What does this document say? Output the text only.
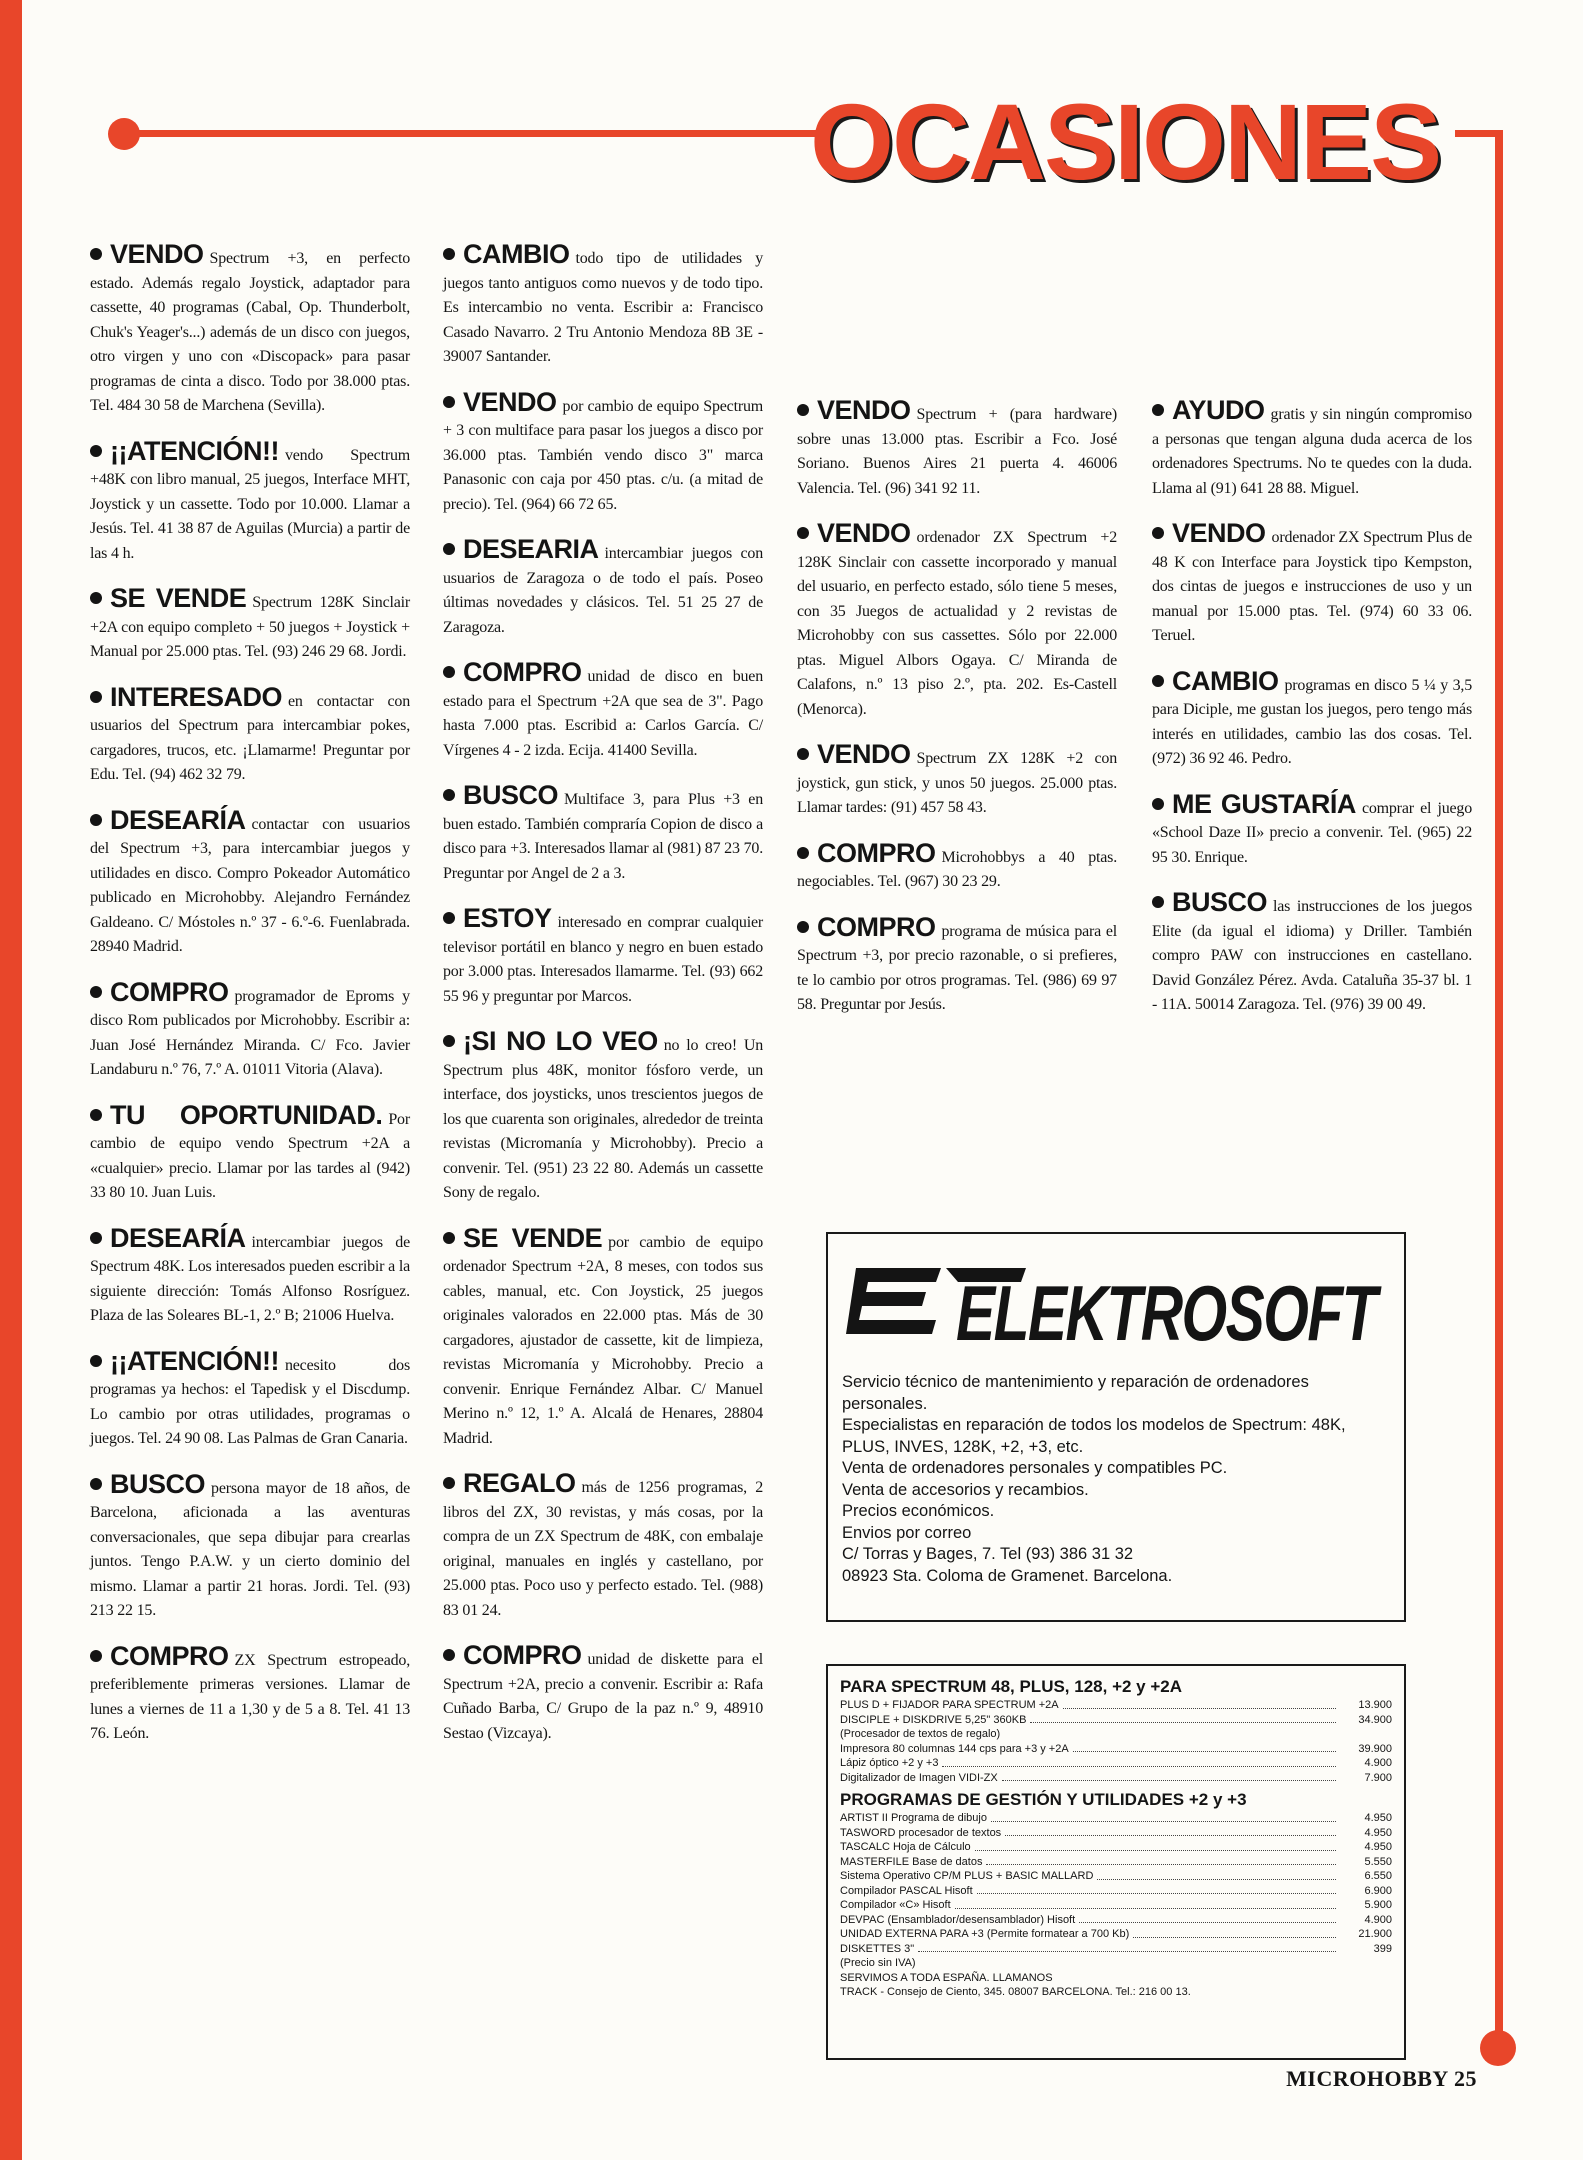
OCASIONES

VENDO Spectrum +3, en perfecto estado. Además regalo Joystick, adaptador para cassette, 40 programas (Cabal, Op. Thunderbolt, Chuk's Yeager's...) además de un disco con juegos, otro virgen y uno con «Discopack» para pasar programas de cinta a disco. Todo por 38.000 ptas. Tel. 484 30 58 de Marchena (Sevilla).

¡¡ATENCIÓN!! vendo Spectrum +48K con libro manual, 25 juegos, Interface MHT, Joystick y un cassette. Todo por 10.000. Llamar a Jesús. Tel. 41 38 87 de Aguilas (Murcia) a partir de las 4 h.

SE VENDE Spectrum 128K Sinclair +2A con equipo completo + 50 juegos + Joystick + Manual por 25.000 ptas. Tel. (93) 246 29 68. Jordi.

INTERESADO en contactar con usuarios del Spectrum para intercambiar pokes, cargadores, trucos, etc. ¡Llamarme! Preguntar por Edu. Tel. (94) 462 32 79.

DESEARÍA contactar con usuarios del Spectrum +3, para intercambiar juegos y utilidades en disco. Compro Pokeador Automático publicado en Microhobby. Alejandro Fernández Galdeano. C/ Móstoles n.º 37 - 6.º-6. Fuenlabrada. 28940 Madrid.

COMPRO programador de Eproms y disco Rom publicados por Microhobby. Escribir a: Juan José Hernández Miranda. C/ Fco. Javier Landaburu n.º 76, 7.º A. 01011 Vitoria (Alava).

TU OPORTUNIDAD. Por cambio de equipo vendo Spectrum +2A a «cualquier» precio. Llamar por las tardes al (942) 33 80 10. Juan Luis.

DESEARÍA intercambiar juegos de Spectrum 48K. Los interesados pueden escribir a la siguiente dirección: Tomás Alfonso Rosríguez. Plaza de las Soleares BL-1, 2.º B; 21006 Huelva.

¡¡ATENCIÓN!! necesito dos programas ya hechos: el Tapedisk y el Discdump. Lo cambio por otras utilidades, programas o juegos. Tel. 24 90 08. Las Palmas de Gran Canaria.

BUSCO persona mayor de 18 años, de Barcelona, aficionada a las aventuras conversacionales, que sepa dibujar para crearlas juntos. Tengo P.A.W. y un cierto dominio del mismo. Llamar a partir 21 horas. Jordi. Tel. (93) 213 22 15.

COMPRO ZX Spectrum estropeado, preferiblemente primeras versiones. Llamar de lunes a viernes de 11 a 1,30 y de 5 a 8. Tel. 41 13 76. León.

CAMBIO todo tipo de utilidades y juegos tanto antiguos como nuevos y de todo tipo. Es intercambio no venta. Escribir a: Francisco Casado Navarro. 2 Tru Antonio Mendoza 8B 3E - 39007 Santander.

VENDO por cambio de equipo Spectrum + 3 con multiface para pasar los juegos a disco por 36.000 ptas. También vendo disco 3" marca Panasonic con caja por 450 ptas. c/u. (a mitad de precio). Tel. (964) 66 72 65.

DESEARIA intercambiar juegos con usuarios de Zaragoza o de todo el país. Poseo últimas novedades y clásicos. Tel. 51 25 27 de Zaragoza.

COMPRO unidad de disco en buen estado para el Spectrum +2A que sea de 3". Pago hasta 7.000 ptas. Escribid a: Carlos García. C/ Vírgenes 4 - 2 izda. Ecija. 41400 Sevilla.

BUSCO Multiface 3, para Plus +3 en buen estado. También compraría Copion de disco a disco para +3. Interesados llamar al (981) 87 23 70. Preguntar por Angel de 2 a 3.

ESTOY interesado en comprar cualquier televisor portátil en blanco y negro en buen estado por 3.000 ptas. Interesados llamarme. Tel. (93) 662 55 96 y preguntar por Marcos.

¡SI NO LO VEO no lo creo! Un Spectrum plus 48K, monitor fósforo verde, un interface, dos joysticks, unos trescientos juegos de los que cuarenta son originales, alrededor de treinta revistas (Micromanía y Microhobby). Precio a convenir. Tel. (951) 23 22 80. Además un cassette Sony de regalo.

SE VENDE por cambio de equipo ordenador Spectrum +2A, 8 meses, con todos sus cables, manual, etc. Con Joystick, 25 juegos originales valorados en 22.000 ptas. Más de 30 cargadores, ajustador de cassette, kit de limpieza, revistas Micromanía y Microhobby. Precio a convenir. Enrique Fernández Albar. C/ Manuel Merino n.º 12, 1.º A. Alcalá de Henares, 28804 Madrid.

REGALO más de 1256 programas, 2 libros del ZX, 30 revistas, y más cosas, por la compra de un ZX Spectrum de 48K, con embalaje original, manuales en inglés y castellano, por 25.000 ptas. Poco uso y perfecto estado. Tel. (988) 83 01 24.

COMPRO unidad de diskette para el Spectrum +2A, precio a convenir. Escribir a: Rafa Cuñado Barba, C/ Grupo de la paz n.º 9, 48910 Sestao (Vizcaya).

VENDO Spectrum + (para hardware) sobre unas 13.000 ptas. Escribir a Fco. José Soriano. Buenos Aires 21 puerta 4. 46006 Valencia. Tel. (96) 341 92 11.

VENDO ordenador ZX Spectrum +2 128K Sinclair con cassette incorporado y manual del usuario, en perfecto estado, sólo tiene 5 meses, con 35 Juegos de actualidad y 2 revistas de Microhobby con sus cassettes. Sólo por 22.000 ptas. Miguel Albors Ogaya. C/ Miranda de Calafons, n.º 13 piso 2.º, pta. 202. Es-Castell (Menorca).

VENDO Spectrum ZX 128K +2 con joystick, gun stick, y unos 50 juegos. 25.000 ptas. Llamar tardes: (91) 457 58 43.

COMPRO Microhobbys a 40 ptas. negociables. Tel. (967) 30 23 29.

COMPRO programa de música para el Spectrum +3, por precio razonable, o si prefieres, te lo cambio por otros programas. Tel. (986) 69 97 58. Preguntar por Jesús.

AYUDO gratis y sin ningún compromiso a personas que tengan alguna duda acerca de los ordenadores Spectrums. No te quedes con la duda. Llama al (91) 641 28 88. Miguel.

VENDO ordenador ZX Spectrum Plus de 48 K con Interface para Joystick tipo Kempston, dos cintas de juegos e instrucciones de uso y un manual por 15.000 ptas. Tel. (974) 60 33 06. Teruel.

CAMBIO programas en disco 5 ¼ y 3,5 para Diciple, me gustan los juegos, pero tengo más interés en utilidades, cambio las dos cosas. Tel. (972) 36 92 46. Pedro.

ME GUSTARÍA comprar el juego «School Daze II» precio a convenir. Tel. (965) 22 95 30. Enrique.

BUSCO las instrucciones de los juegos Elite (da igual el idioma) y Driller. También compro PAW con instrucciones en castellano. David González Pérez. Avda. Cataluña 35-37 bl. 1 - 11A. 50014 Zaragoza. Tel. (976) 39 00 49.

ELEKTROSOFT
Servicio técnico de mantenimiento y reparación de ordenadores personales.
Especialistas en reparación de todos los modelos de Spectrum: 48K, PLUS, INVES, 128K, +2, +3, etc.
Venta de ordenadores personales y compatibles PC.
Venta de accesorios y recambios.
Precios económicos.
Envios por correo
C/ Torras y Bages, 7. Tel (93) 386 31 32
08923 Sta. Coloma de Gramenet. Barcelona.
PARA SPECTRUM 48, PLUS, 128, +2 y +2A
PLUS D + FIJADOR PARA SPECTRUM +2A	13.900
DISCIPLE + DISKDRIVE 5,25" 360KB	34.900
(Procesador de textos de regalo)
Impresora 80 columnas 144 cps para +3 y +2A	39.900
Lápiz óptico +2 y +3	4.900
Digitalizador de Imagen VIDI-ZX	7.900
PROGRAMAS DE GESTIÓN Y UTILIDADES +2 y +3
ARTIST II Programa de dibujo	4.950
TASWORD procesador de textos	4.950
TASCALC Hoja de Cálculo	4.950
MASTERFILE Base de datos	5.550
Sistema Operativo CP/M PLUS + BASIC MALLARD	6.550
Compilador PASCAL Hisoft	6.900
Compilador «C» Hisoft	5.900
DEVPAC (Ensamblador/desensamblador) Hisoft	4.900
UNIDAD EXTERNA PARA +3 (Permite formatear a 700 Kb)	21.900
DISKETTES 3"	399
(Precio sin IVA)
SERVIMOS A TODA ESPAÑA. LLAMANOS
TRACK - Consejo de Ciento, 345. 08007 BARCELONA. Tel.: 216 00 13.
MICROHOBBY 25
